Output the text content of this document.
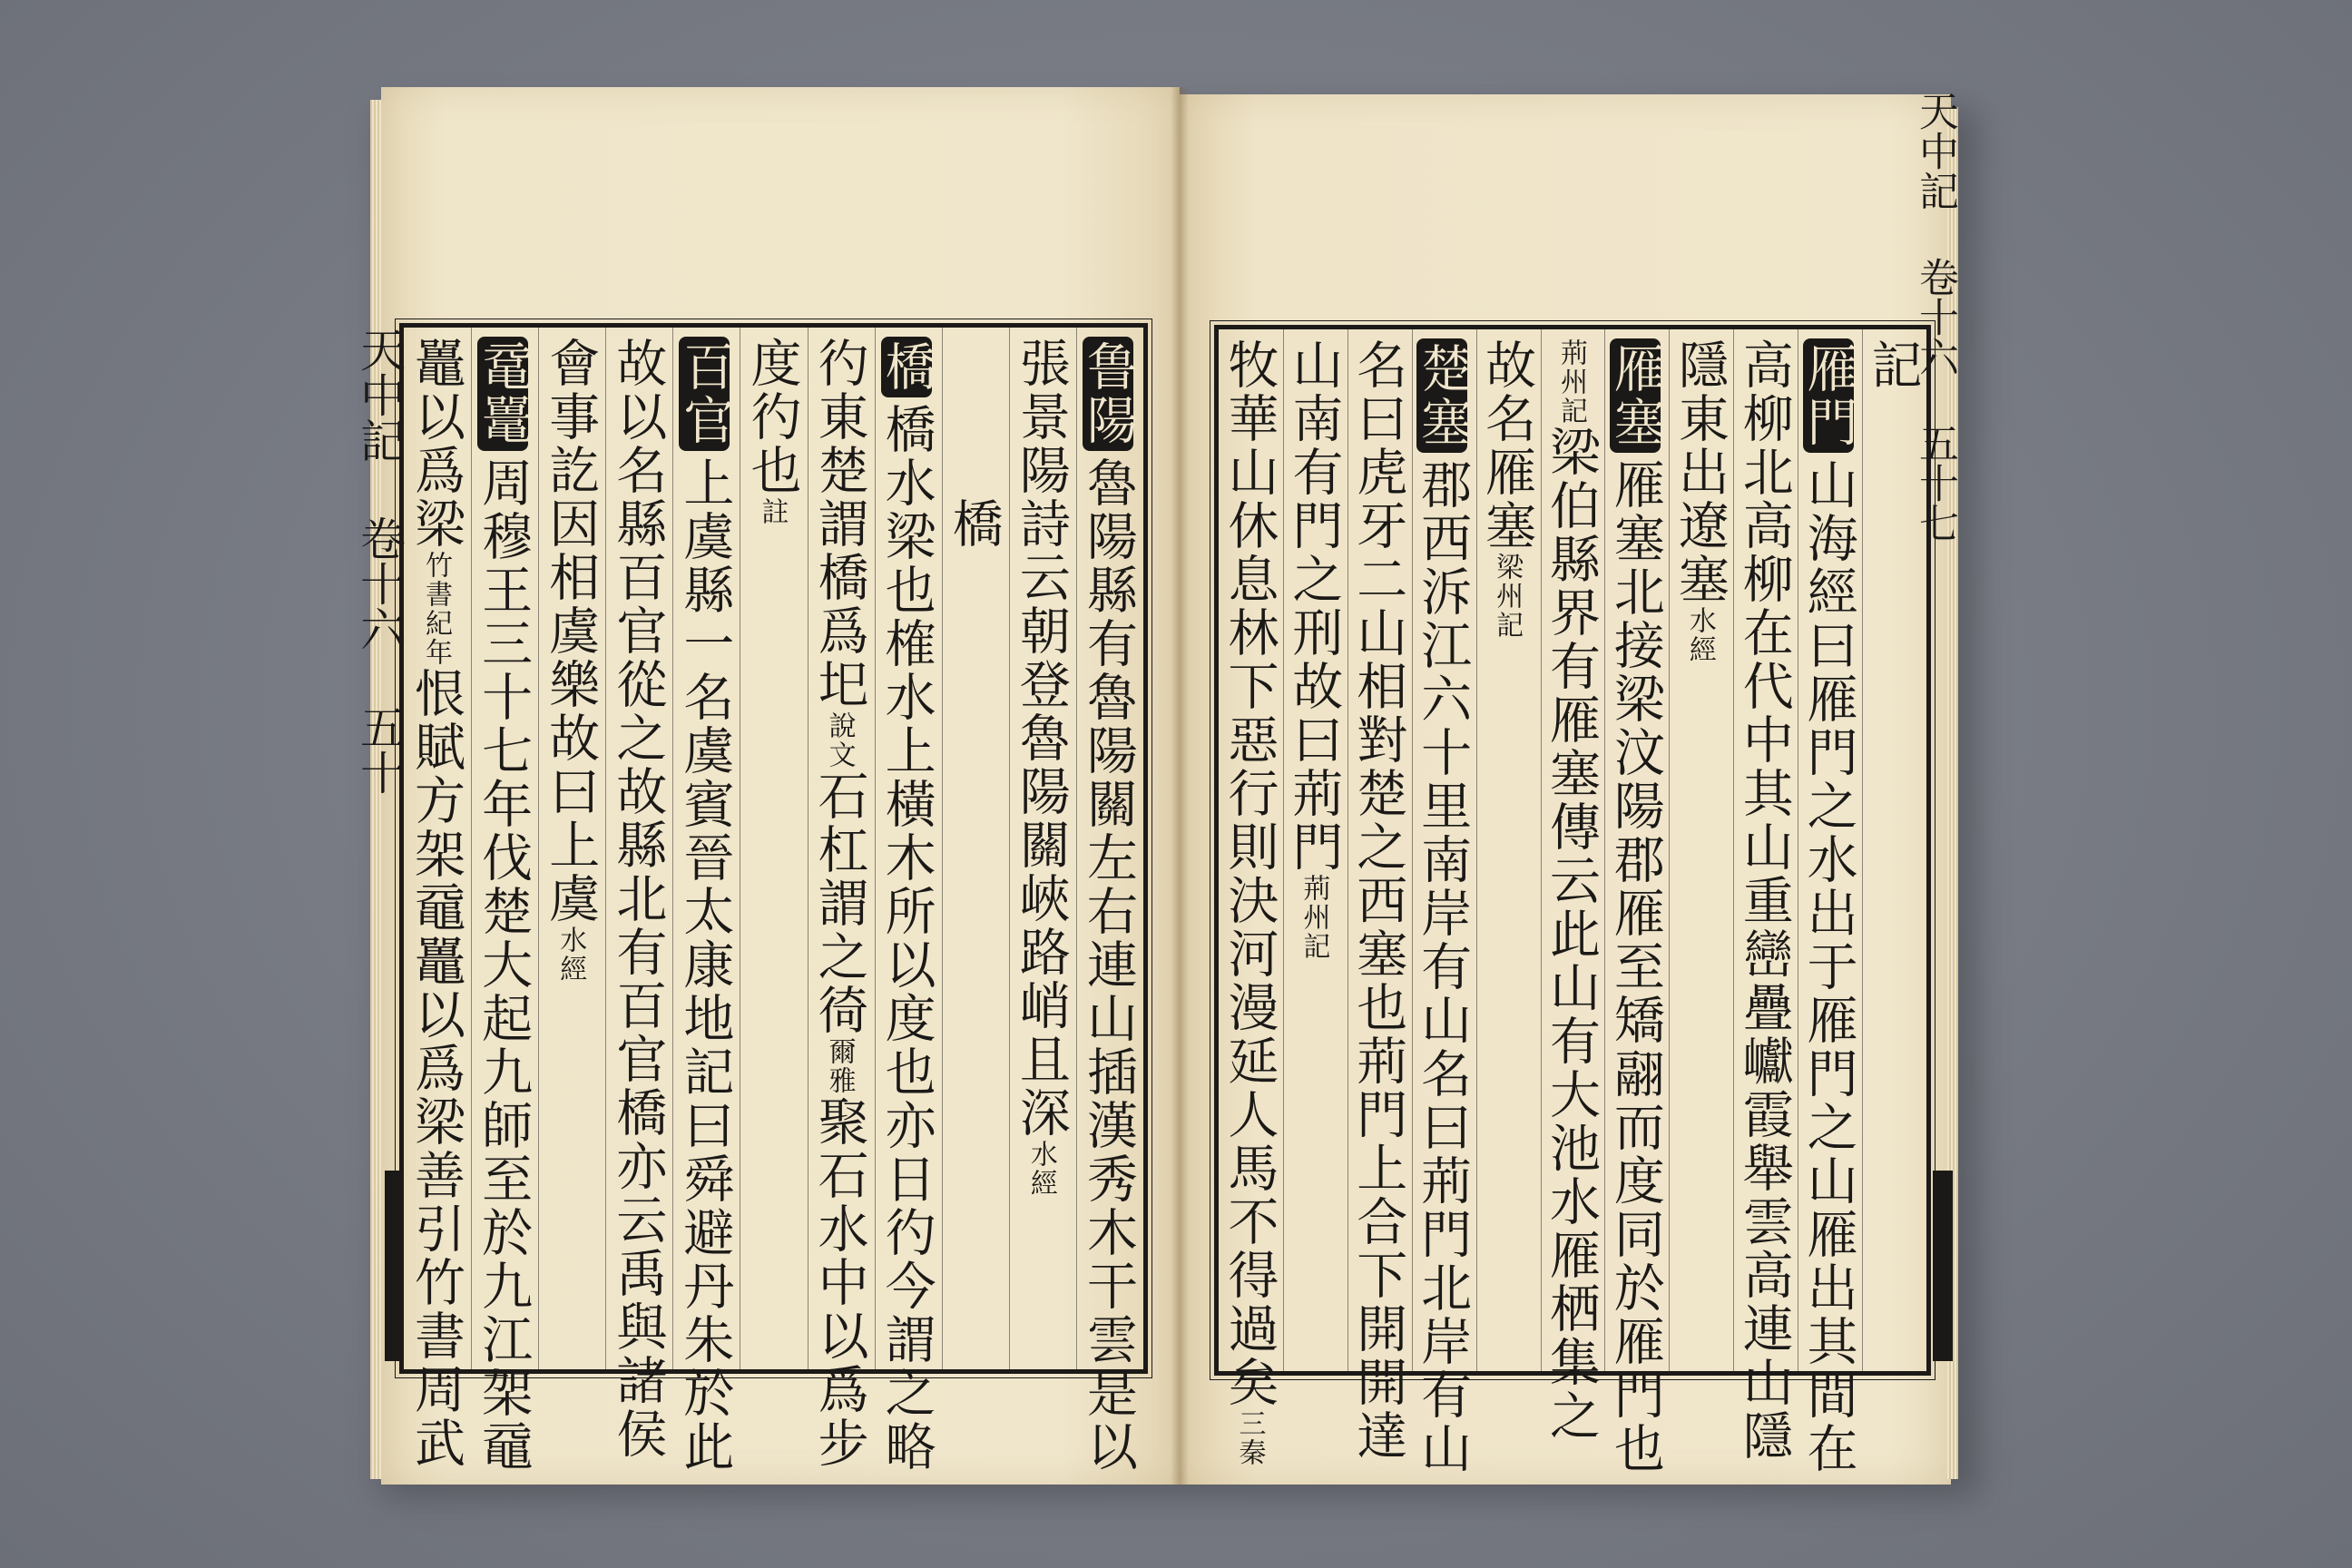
天中記 卷十六 五十
天中記 卷十六 五十七
鲁陽魯陽縣有魯陽關左右連山插漢秀木干雲是以
張景陽詩云朝登魯陽關峽路峭且深水經
　　　橋
橋橋水梁也榷水上橫木所以度也亦日彴今謂之略
彴東楚謂橋爲圯說文石杠謂之徛爾雅聚石水中以爲步
度彴也註
百官上虞縣一名虞賓晉太康地記曰舜避丹朱於此
故以名縣百官從之故縣北有百官橋亦云禹與諸侯
會事訖因相虞樂故曰上虞水經
鼋鼍周穆王三十七年伐楚大起九師至於九江架黿
鼉以爲梁竹書紀年恨賦方架黿鼉以爲梁善引竹書周武
記
雁門山海經曰雁門之水出于雁門之山雁出其間在
高柳北高柳在代中其山重巒疊巘霞舉雲高連山隱
隱東出遼塞水經
雁塞雁塞北接梁汶陽郡雁至矯翮而度同於雁門也
荊州記梁伯縣界有雁塞傳云此山有大池水雁栖集之
故名雁塞梁州記
楚塞郡西泝江六十里南岸有山名曰荊門北岸有山
名曰虎牙二山相對楚之西塞也荊門上合下開開達
山南有門之刑故曰荊門荊州記
牧華山休息林下惡行則決河漫延人馬不得過矣三秦
